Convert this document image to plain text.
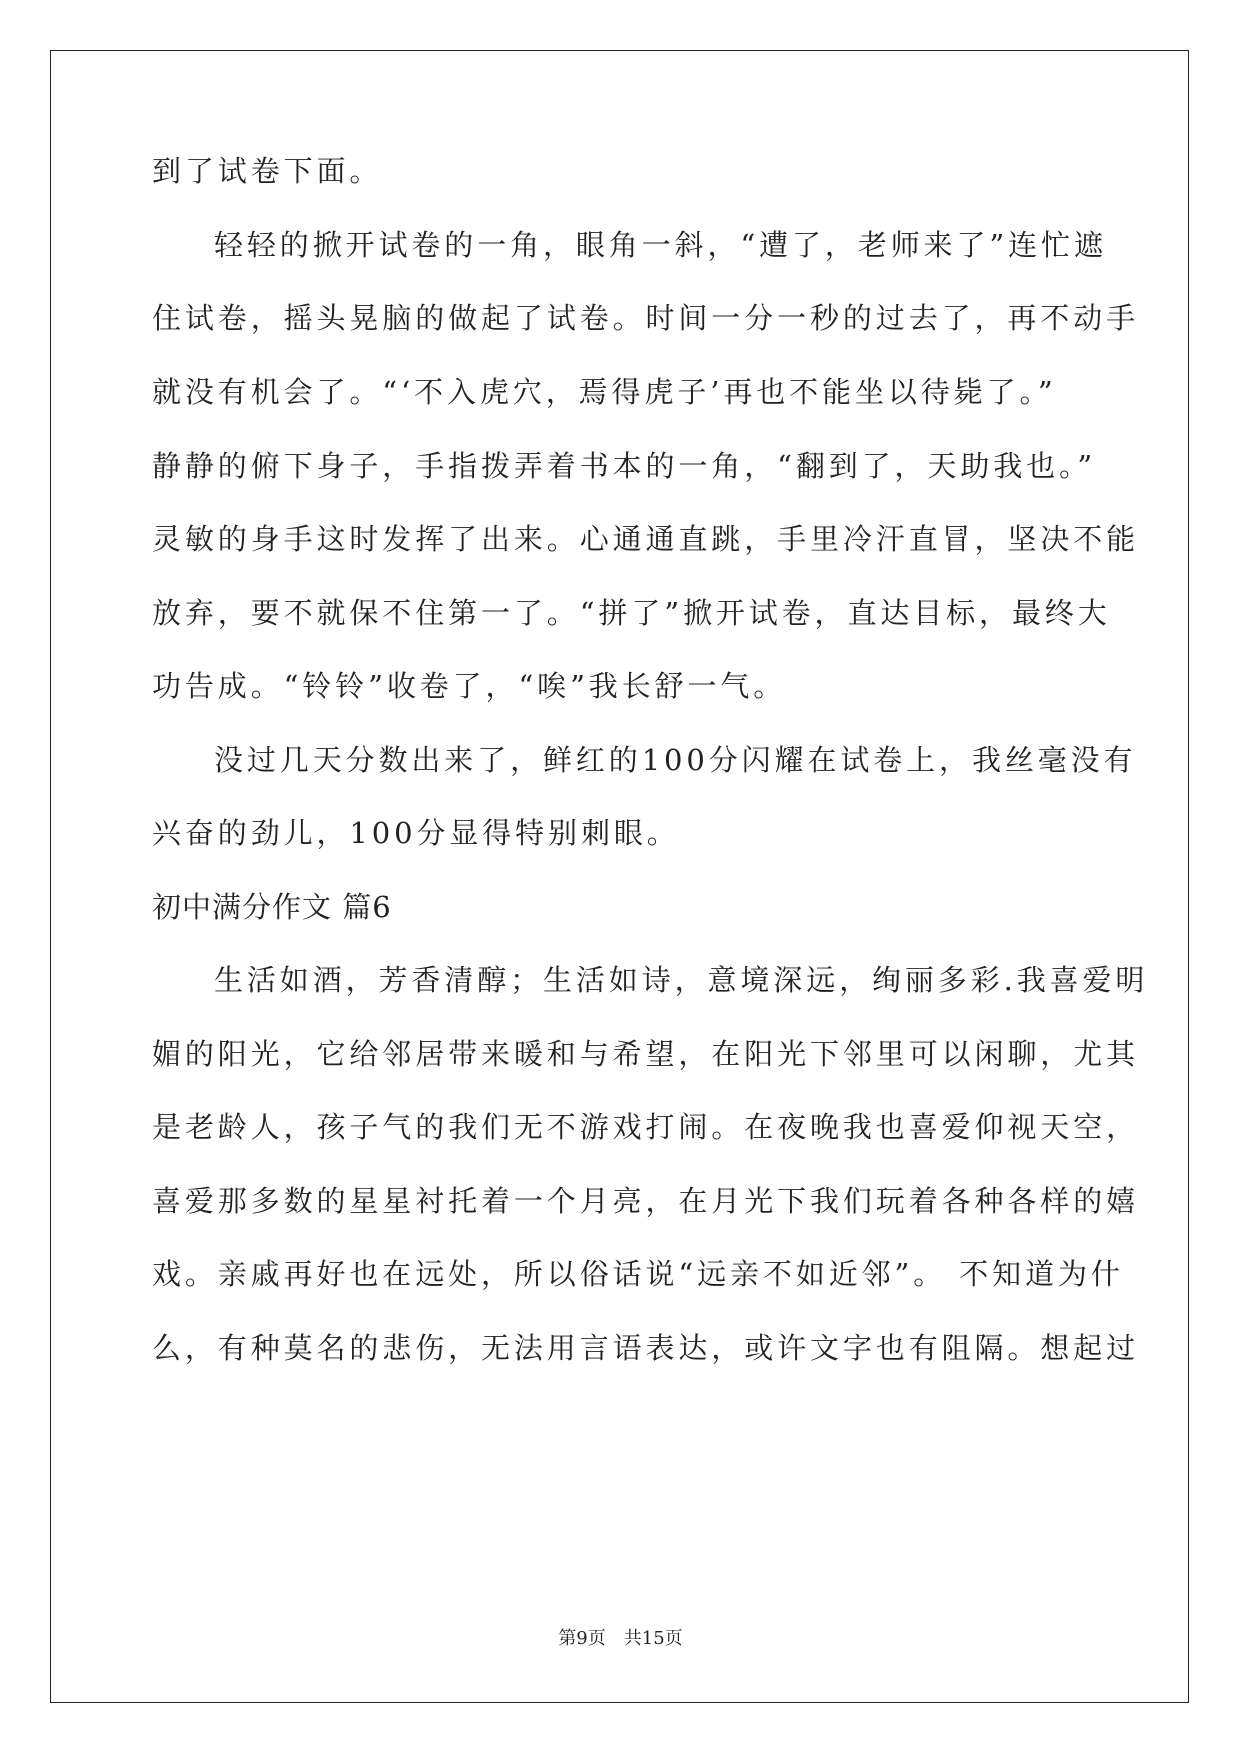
到了试卷下面。
轻轻的掀开试卷的一角，眼角一斜，“遭了，老师来了”连忙遮
住试卷，摇头晃脑的做起了试卷。时间一分一秒的过去了，再不动手
就没有机会了。“‘不入虎穴，焉得虎子’再也不能坐以待毙了。”
静静的俯下身子，手指拨弄着书本的一角，“翻到了，天助我也。”
灵敏的身手这时发挥了出来。心通通直跳，手里冷汗直冒，坚决不能
放弃，要不就保不住第一了。“拼了”掀开试卷，直达目标，最终大
功告成。“铃铃”收卷了，“唉”我长舒一气。
没过几天分数出来了，鲜红的100分闪耀在试卷上，我丝毫没有
兴奋的劲儿，100分显得特别刺眼。
初中满分作文 篇6
生活如酒，芳香清醇；生活如诗，意境深远，绚丽多彩.我喜爱明
媚的阳光，它给邻居带来暖和与希望，在阳光下邻里可以闲聊，尤其
是老龄人，孩子气的我们无不游戏打闹。在夜晚我也喜爱仰视天空，
喜爱那多数的星星衬托着一个月亮，在月光下我们玩着各种各样的嬉
戏。亲戚再好也在远处，所以俗话说“远亲不如近邻”。 不知道为什
么，有种莫名的悲伤，无法用言语表达，或许文字也有阻隔。想起过
第9页　共15页
